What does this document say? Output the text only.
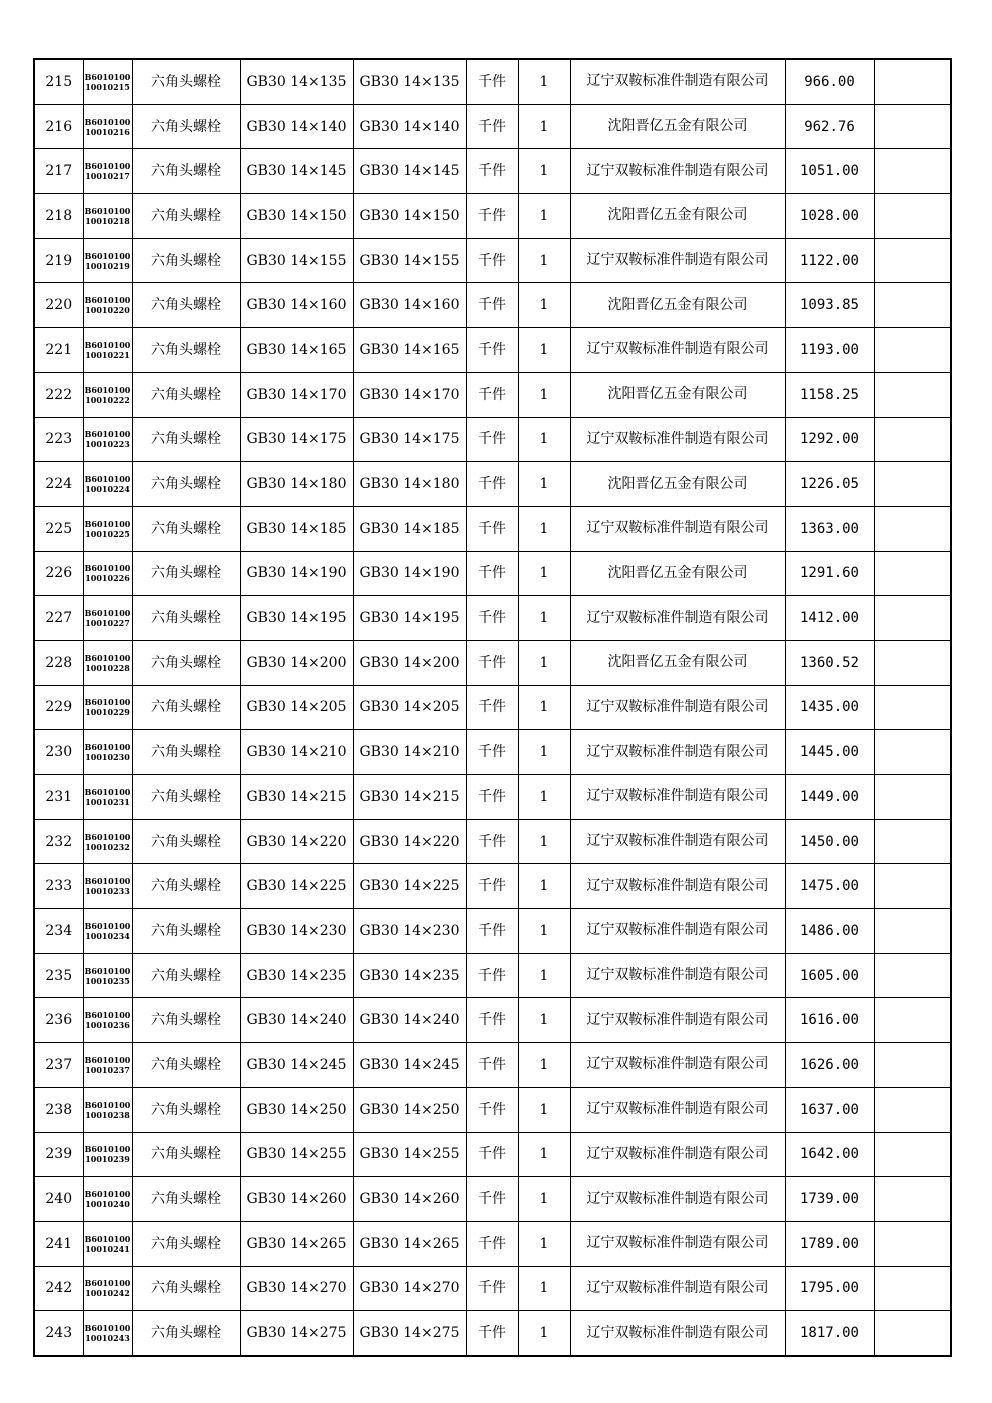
215	B601010010010215	六角头螺栓	GB30 14×135	GB30 14×135	千件	1	辽宁双鞍标准件制造有限公司	966.00	
216	B601010010010216	六角头螺栓	GB30 14×140	GB30 14×140	千件	1	沈阳晋亿五金有限公司	962.76	
217	B601010010010217	六角头螺栓	GB30 14×145	GB30 14×145	千件	1	辽宁双鞍标准件制造有限公司	1051.00	
218	B601010010010218	六角头螺栓	GB30 14×150	GB30 14×150	千件	1	沈阳晋亿五金有限公司	1028.00	
219	B601010010010219	六角头螺栓	GB30 14×155	GB30 14×155	千件	1	辽宁双鞍标准件制造有限公司	1122.00	
220	B601010010010220	六角头螺栓	GB30 14×160	GB30 14×160	千件	1	沈阳晋亿五金有限公司	1093.85	
221	B601010010010221	六角头螺栓	GB30 14×165	GB30 14×165	千件	1	辽宁双鞍标准件制造有限公司	1193.00	
222	B601010010010222	六角头螺栓	GB30 14×170	GB30 14×170	千件	1	沈阳晋亿五金有限公司	1158.25	
223	B601010010010223	六角头螺栓	GB30 14×175	GB30 14×175	千件	1	辽宁双鞍标准件制造有限公司	1292.00	
224	B601010010010224	六角头螺栓	GB30 14×180	GB30 14×180	千件	1	沈阳晋亿五金有限公司	1226.05	
225	B601010010010225	六角头螺栓	GB30 14×185	GB30 14×185	千件	1	辽宁双鞍标准件制造有限公司	1363.00	
226	B601010010010226	六角头螺栓	GB30 14×190	GB30 14×190	千件	1	沈阳晋亿五金有限公司	1291.60	
227	B601010010010227	六角头螺栓	GB30 14×195	GB30 14×195	千件	1	辽宁双鞍标准件制造有限公司	1412.00	
228	B601010010010228	六角头螺栓	GB30 14×200	GB30 14×200	千件	1	沈阳晋亿五金有限公司	1360.52	
229	B601010010010229	六角头螺栓	GB30 14×205	GB30 14×205	千件	1	辽宁双鞍标准件制造有限公司	1435.00	
230	B601010010010230	六角头螺栓	GB30 14×210	GB30 14×210	千件	1	辽宁双鞍标准件制造有限公司	1445.00	
231	B601010010010231	六角头螺栓	GB30 14×215	GB30 14×215	千件	1	辽宁双鞍标准件制造有限公司	1449.00	
232	B601010010010232	六角头螺栓	GB30 14×220	GB30 14×220	千件	1	辽宁双鞍标准件制造有限公司	1450.00	
233	B601010010010233	六角头螺栓	GB30 14×225	GB30 14×225	千件	1	辽宁双鞍标准件制造有限公司	1475.00	
234	B601010010010234	六角头螺栓	GB30 14×230	GB30 14×230	千件	1	辽宁双鞍标准件制造有限公司	1486.00	
235	B601010010010235	六角头螺栓	GB30 14×235	GB30 14×235	千件	1	辽宁双鞍标准件制造有限公司	1605.00	
236	B601010010010236	六角头螺栓	GB30 14×240	GB30 14×240	千件	1	辽宁双鞍标准件制造有限公司	1616.00	
237	B601010010010237	六角头螺栓	GB30 14×245	GB30 14×245	千件	1	辽宁双鞍标准件制造有限公司	1626.00	
238	B601010010010238	六角头螺栓	GB30 14×250	GB30 14×250	千件	1	辽宁双鞍标准件制造有限公司	1637.00	
239	B601010010010239	六角头螺栓	GB30 14×255	GB30 14×255	千件	1	辽宁双鞍标准件制造有限公司	1642.00	
240	B601010010010240	六角头螺栓	GB30 14×260	GB30 14×260	千件	1	辽宁双鞍标准件制造有限公司	1739.00	
241	B601010010010241	六角头螺栓	GB30 14×265	GB30 14×265	千件	1	辽宁双鞍标准件制造有限公司	1789.00	
242	B601010010010242	六角头螺栓	GB30 14×270	GB30 14×270	千件	1	辽宁双鞍标准件制造有限公司	1795.00	
243	B601010010010243	六角头螺栓	GB30 14×275	GB30 14×275	千件	1	辽宁双鞍标准件制造有限公司	1817.00	
